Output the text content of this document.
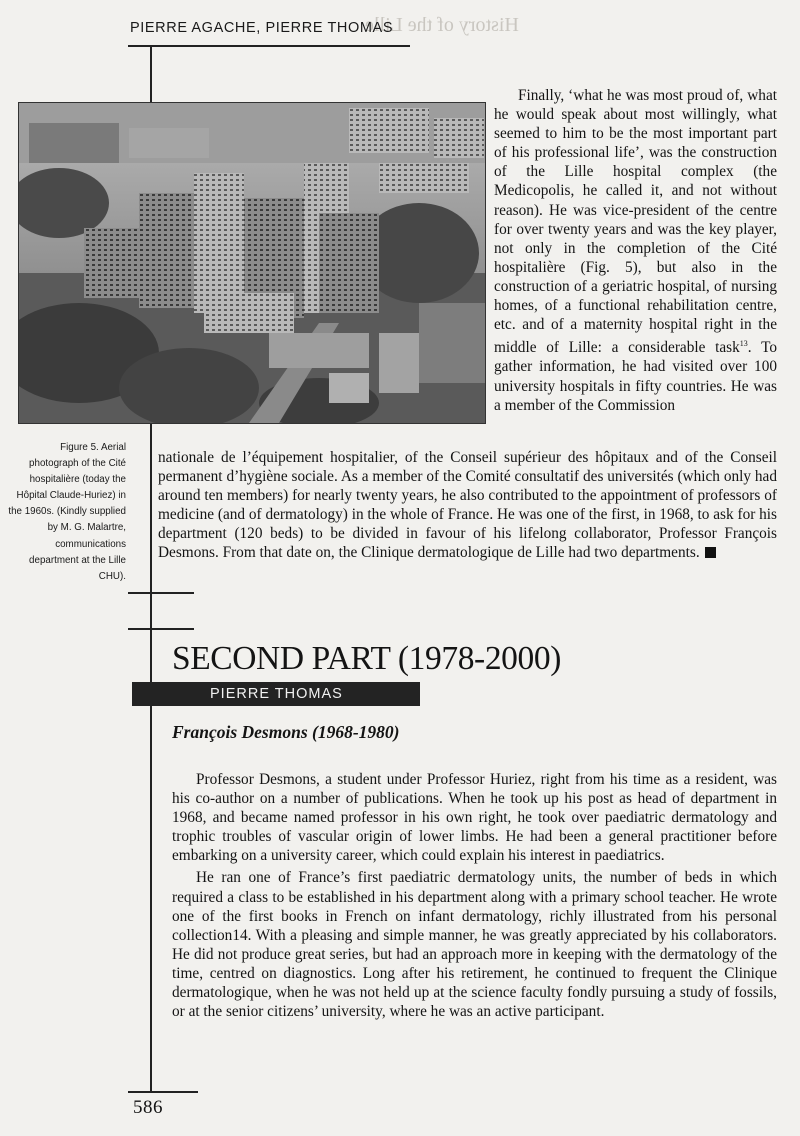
History of the Lille
PIERRE AGACHE, PIERRE THOMAS
Figure 5. Aerial photograph of the Cité hospitalière (today the Hôpital Claude-Huriez) in the 1960s. (Kindly supplied by M. G. Malartre, communications department at the Lille CHU).

Finally, ‘what he was most proud of, what he would speak about most willingly, what seemed to him to be the most important part of his professional life’, was the construction of the Lille hospital complex (the Medicopolis, he called it, and not without reason). He was vice-president of the centre for over twenty years and was the key player, not only in the completion of the Cité hospitalière (Fig. 5), but also in the construction of a geriatric hospital, of nursing homes, of a functional rehabilitation centre, etc. and of a maternity hospital right in the middle of Lille: a considerable task$^{13}$. To gather information, he had visited over 100 university hospitals in fifty countries. He was a member of the Commission

nationale de l’équipement hospitalier, of the Conseil supérieur des hôpitaux and of the Conseil permanent d’hygiène sociale. As a member of the Comité consultatif des universités (which only had around ten members) for nearly twenty years, he also contributed to the appointment of professors of medicine (and of dermatology) in the whole of France. He was one of the first, in 1968, to ask for his department (120 beds) to be divided in favour of his lifelong collaborator, Professor François Desmons. From that date on, the Clinique dermatologique de Lille had two departments.

SECOND PART (1978-2000)
PIERRE THOMAS
François Desmons (1968-1980)

Professor Desmons, a student under Professor Huriez, right from his time as a resident, was his co-author on a number of publications. When he took up his post as head of department in 1968, and became named professor in his own right, he took over paediatric dermatology and trophic troubles of vascular origin of lower limbs. He had been a general practitioner before embarking on a university career, which could explain his interest in paediatrics.

He ran one of France’s first paediatric dermatology units, the number of beds in which required a class to be established in his department along with a primary school teacher. He wrote one of the first books in French on infant dermatology, richly illustrated from his personal collection14. With a pleasing and simple manner, he was greatly appreciated by his collaborators. He did not produce great series, but had an approach more in keeping with the dermatology of the time, centred on diagnostics. Long after his retirement, he continued to frequent the Clinique dermatologique, when he was not held up at the science faculty fondly pursuing a study of fossils, or at the senior citizens’ university, where he was an active participant.

586
